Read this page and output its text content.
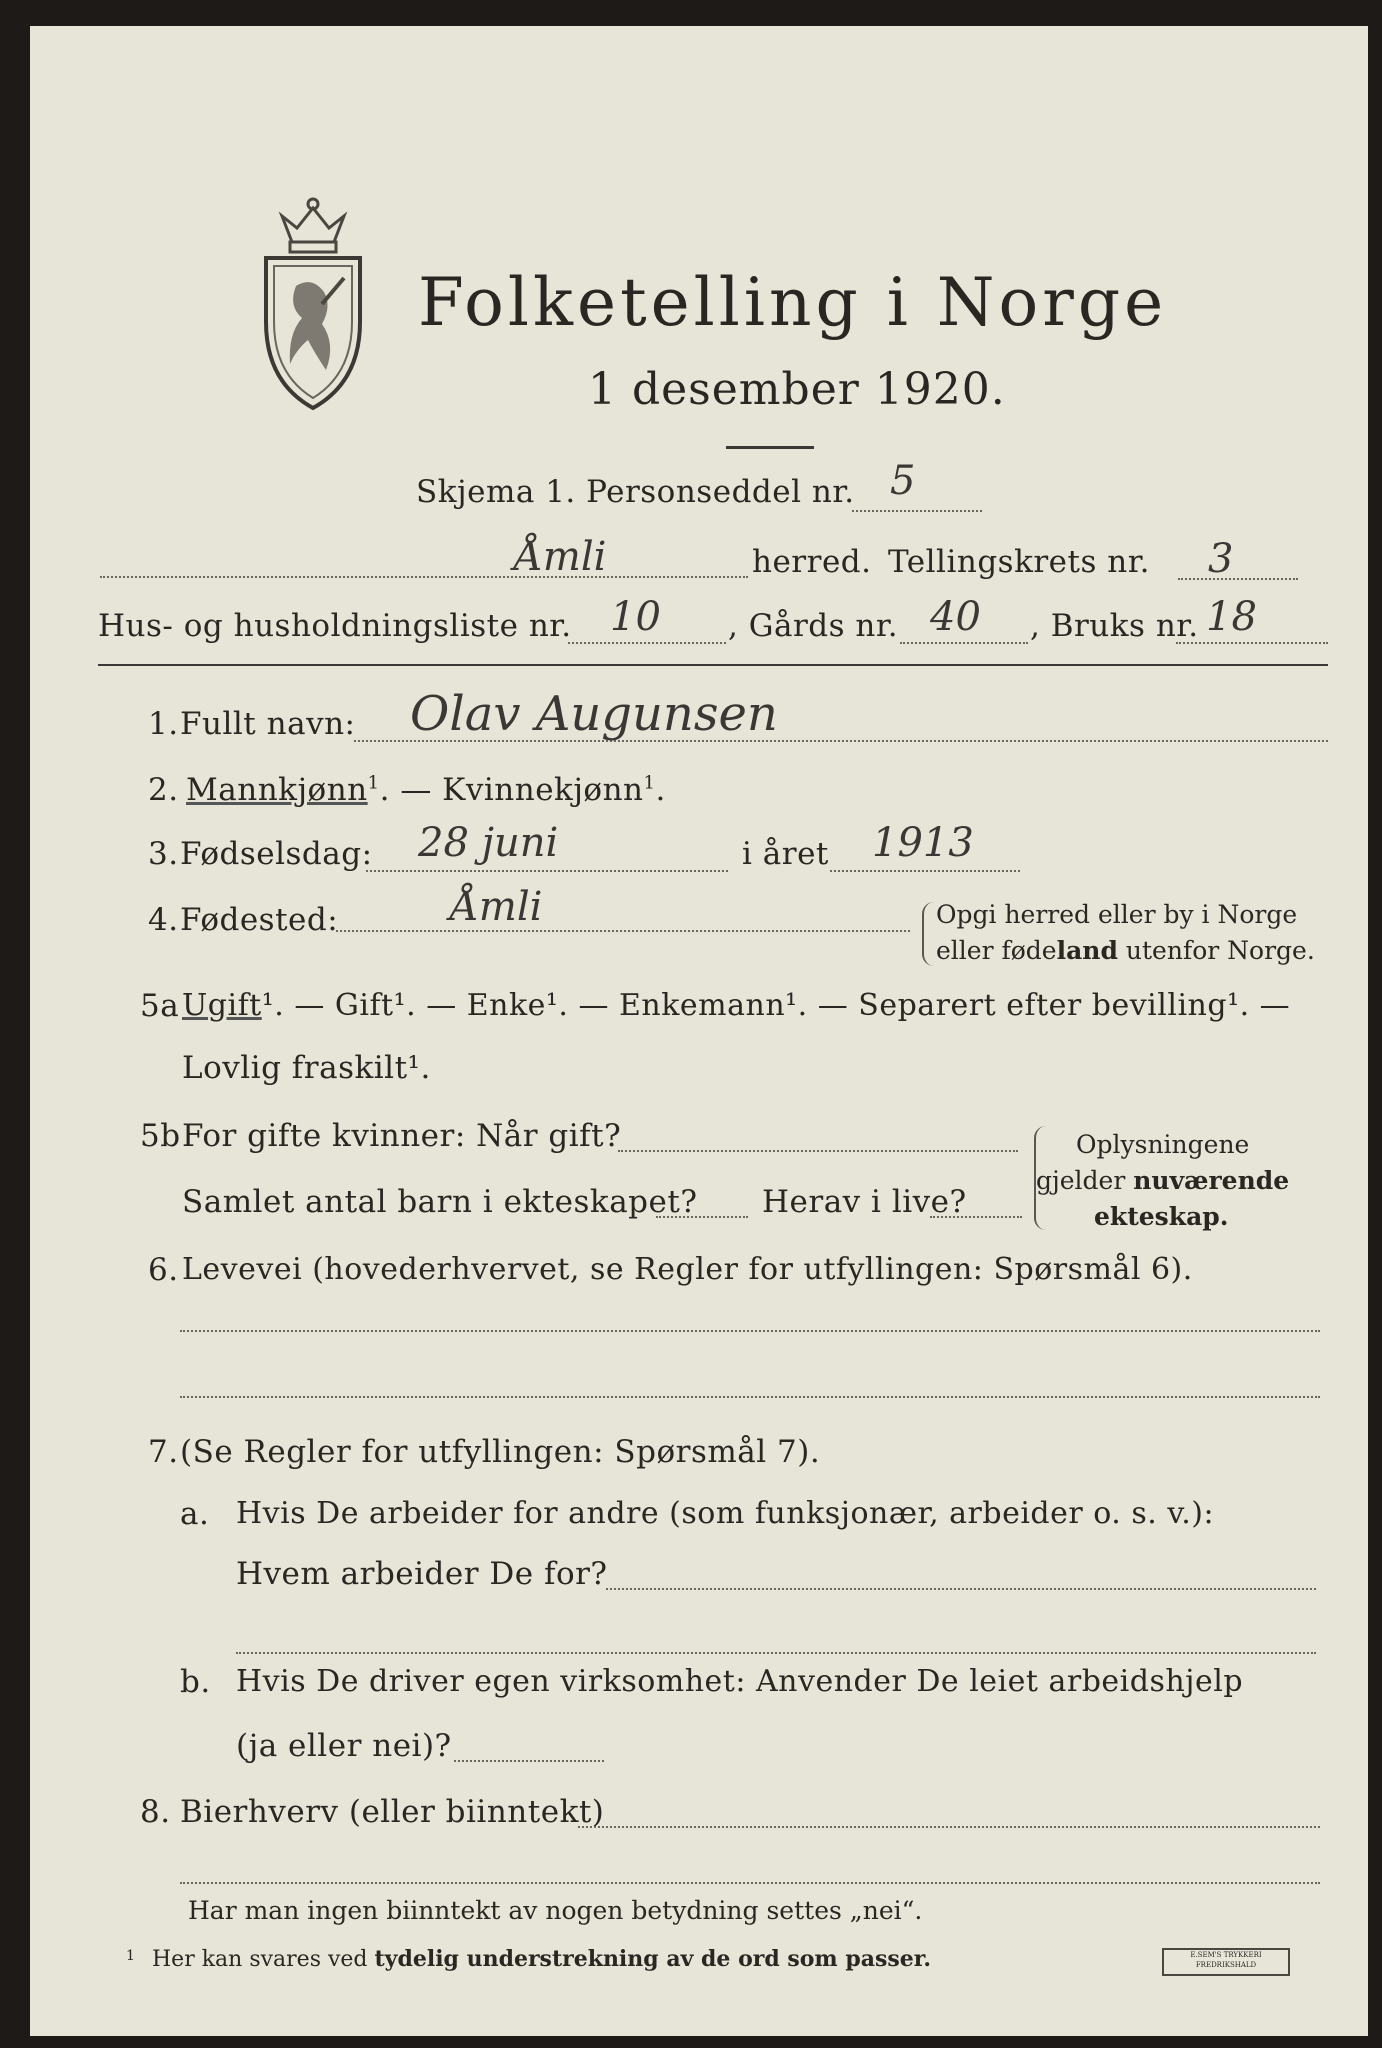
Folketelling i Norge
1 desember 1920.
Skjema 1. Personseddel nr. 5
Åmli	herred. Tellingskrets nr. 3
Hus- og husholdningsliste nr. 10 , Gårds nr. 40 , Bruks nr. 18
1. Fullt navn: Olav Augunsen
2. Mannkjønn$^1$. — Kvinnekjønn$^1$.
3. Fødselsdag: 28 juni	i året 1913
4. Fødested:	Åmli	Opgi herred eller by i Norge
eller fødeland utenfor Norge.
5a Ugift¹. — Gift¹. — Enke¹. — Enkemann¹. — Separert efter bevilling¹. —
Lovlig fraskilt¹.
5b For gifte kvinner: Når gift?
Samlet antal barn i ekteskapet? Herav i live?
Oplysningene
gjelder nuværende
ekteskap.
6. Levevei (hovederhvervet, se Regler for utfyllingen: Spørsmål 6).
7. (Se Regler for utfyllingen: Spørsmål 7).
a. Hvis De arbeider for andre (som funksjonær, arbeider o. s. v.):
Hvem arbeider De for?
b. Hvis De driver egen virksomhet: Anvender De leiet arbeidshjelp
(ja eller nei)?
8. Bierhverv (eller biinntekt)
Har man ingen biinntekt av nogen betydning settes „nei“.
1 Her kan svares ved tydelig understrekning av de ord som passer.	E.SEM'S TRYKKERI
FREDRIKSHALD
